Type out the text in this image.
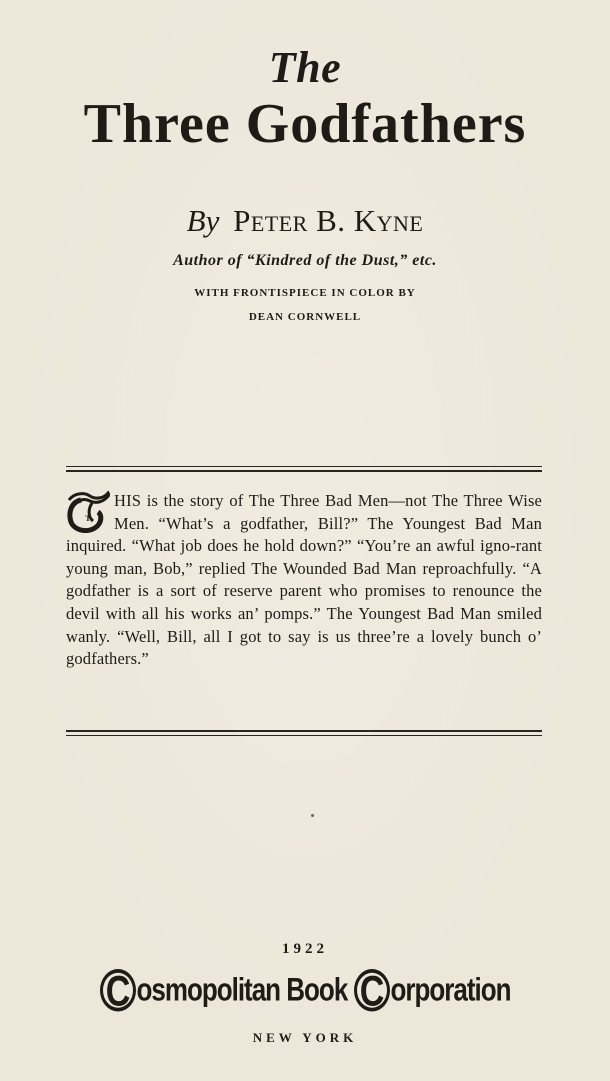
The
Three Godfathers
By Peter B. Kyne
Author of “Kindred of the Dust,” etc.
WITH FRONTISPIECE IN COLOR BY
DEAN CORNWELL
T
HIS is the story of The Three Bad Men—not The Three Wise Men. “What’s a godfather, Bill?” The Youngest Bad Man inquired. “What job does he hold down?” “You’re an awful igno-rant young man, Bob,” replied The Wounded Bad Man reproachfully. “A godfather is a sort of reserve parent who promises to renounce the devil with all his works an’ pomps.” The Youngest Bad Man smiled wanly. “Well, Bill, all I got to say is us three’re a lovely bunch o’ godfathers.”
1922
C osmopolitan Book C orporation
NEW YORK
